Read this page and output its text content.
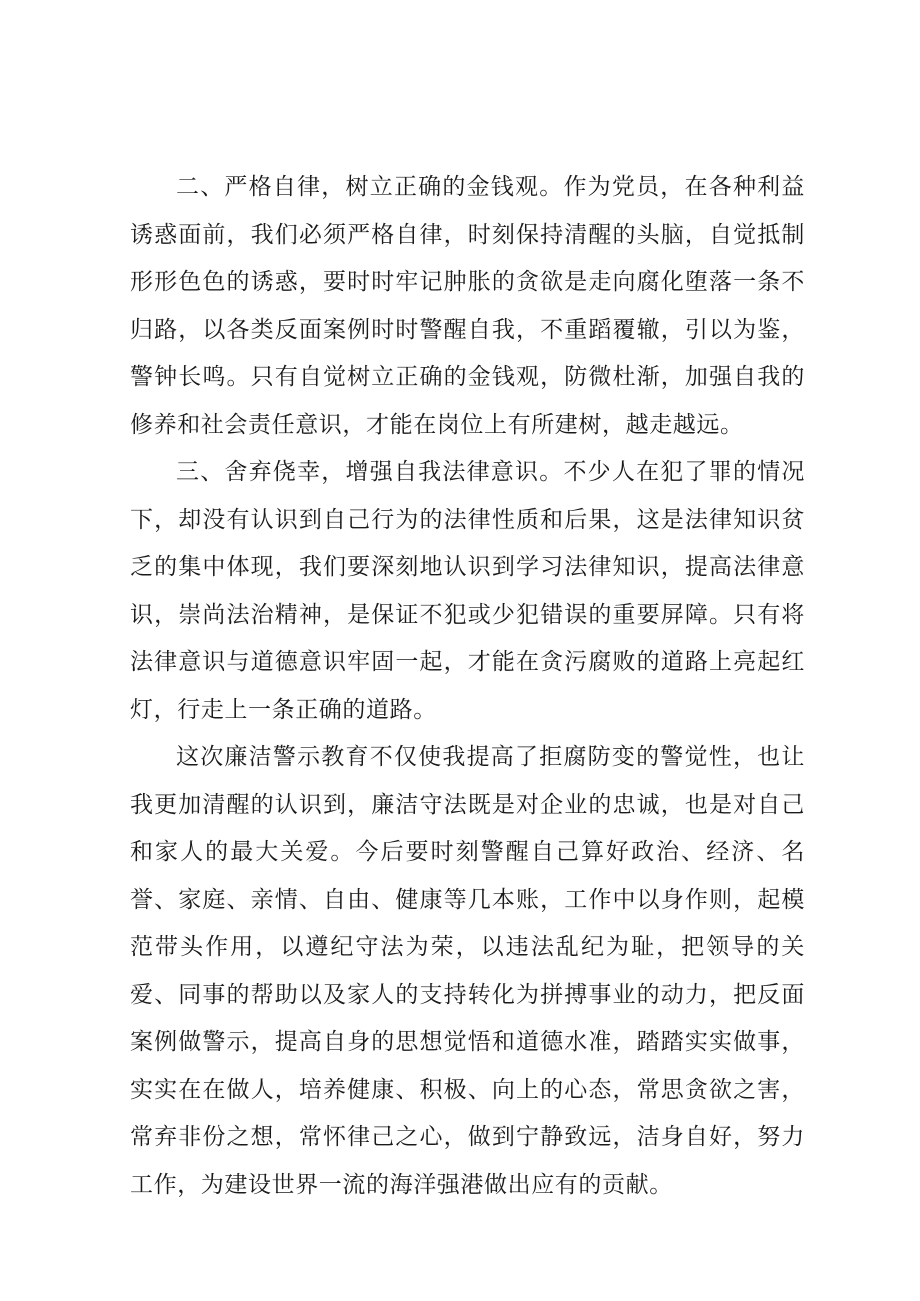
二、严格自律，树立正确的金钱观。作为党员，在各种利益诱惑面前，我们必须严格自律，时刻保持清醒的头脑，自觉抵制形形色色的诱惑，要时时牢记肿胀的贪欲是走向腐化堕落一条不归路，以各类反面案例时时警醒自我，不重蹈覆辙，引以为鉴，警钟长鸣。只有自觉树立正确的金钱观，防微杜渐，加强自我的修养和社会责任意识，才能在岗位上有所建树，越走越远。

三、舍弃侥幸，增强自我法律意识。不少人在犯了罪的情况下，却没有认识到自己行为的法律性质和后果，这是法律知识贫乏的集中体现，我们要深刻地认识到学习法律知识，提高法律意识，崇尚法治精神，是保证不犯或少犯错误的重要屏障。只有将法律意识与道德意识牢固一起，才能在贪污腐败的道路上亮起红灯，行走上一条正确的道路。

这次廉洁警示教育不仅使我提高了拒腐防变的警觉性，也让我更加清醒的认识到，廉洁守法既是对企业的忠诚，也是对自己和家人的最大关爱。今后要时刻警醒自己算好政治、经济、名誉、家庭、亲情、自由、健康等几本账，工作中以身作则，起模范带头作用，以遵纪守法为荣，以违法乱纪为耻，把领导的关爱、同事的帮助以及家人的支持转化为拼搏事业的动力，把反面案例做警示，提高自身的思想觉悟和道德水准，踏踏实实做事，实实在在做人，培养健康、积极、向上的心态，常思贪欲之害，常弃非份之想，常怀律己之心，做到宁静致远，洁身自好，努力工作，为建设世界一流的海洋强港做出应有的贡献。
